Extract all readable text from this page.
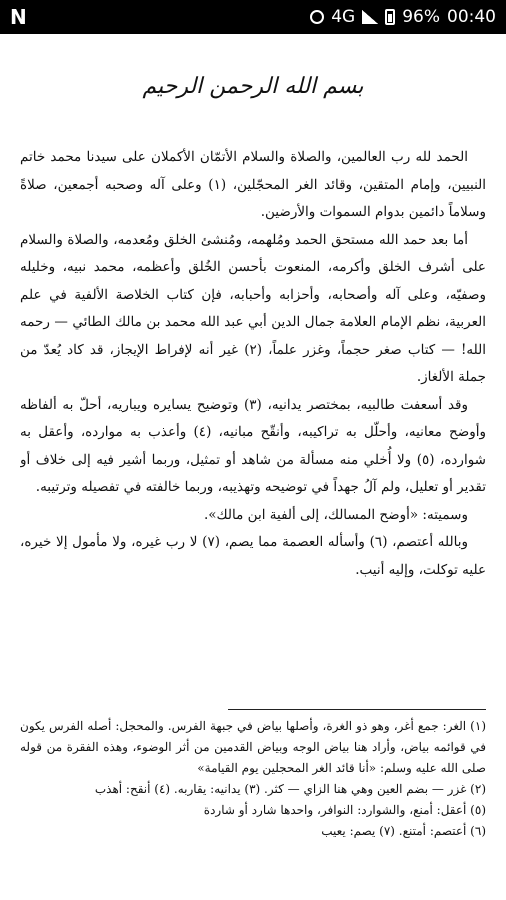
N	4G	96% 00:40
بسم الله الرحمن الرحيم

الحمد لله رب العالمين، والصلاة والسلام الأتمّان الأكملان على سيدنا محمد خاتم النبيين، وإمام المتقين، وقائد الغر المحجّلين، (١) وعلى آله وصحبه أجمعين، صلاةً وسلاماً دائمين بدوام السموات والأرضين.

أما بعد حمد الله مستحق الحمد ومُلهمه، ومُنشئ الخلق ومُعدمه، والصلاة والسلام على أشرف الخلق وأكرمه، المنعوت بأحسن الخُلق وأعظمه، محمد نبيه، وخليله وصفيّه، وعلى آله وأصحابه، وأحزابه وأحبابه، فإن كتاب الخلاصة الألفية في علم العربية، نظم الإمام العلامة جمال الدين أبي عبد الله محمد بن مالك الطائي — رحمه الله! — كتاب صغر حجماً، وغزر علماً، (٢) غير أنه لإفراط الإيجاز، قد كاد يُعدّ من جملة الألغاز.

وقد أسعفت طالبيه، بمختصر يدانيه، (٣) وتوضيح يسايره ويباريه، أحلّ به ألفاظه وأوضح معانيه، وأحلّل به تراكيبه، وأنقّح مبانيه، (٤) وأعذب به موارده، وأعقل به شوارده، (٥) ولا أُخلي منه مسألة من شاهد أو تمثيل، وربما أشير فيه إلى خلاف أو تقدير أو تعليل، ولم آلُ جهداً في توضيحه وتهذيبه، وربما خالفته في تفصيله وترتيبه.

وسميته: «أوضح المسالك، إلى ألفية ابن مالك».

وبالله أعتصم، (٦) وأسأله العصمة مما يصم، (٧) لا رب غيره، ولا مأمول إلا خيره، عليه توكلت، وإليه أنيب.

(١) الغر: جمع أغر، وهو ذو الغرة، وأصلها بياض في جبهة الفرس. والمحجل: أصله الفرس يكون في قوائمه بياض، وأراد هنا بياض الوجه وبياض القدمين من أثر الوضوء، وهذه الفقرة من قوله صلى الله عليه وسلم: «أنا قائد الغر المحجلين يوم القيامة»

(٢) غزر — بضم العين وهي هنا الزاي — كثر. (٣) يدانيه: يقاربه. (٤) أنقح: أهذب

(٥) أعقل: أمنع، والشوارد: النوافر، واحدها شارد أو شاردة

(٦) أعتصم: أمتنع. (٧) يصم: يعيب
